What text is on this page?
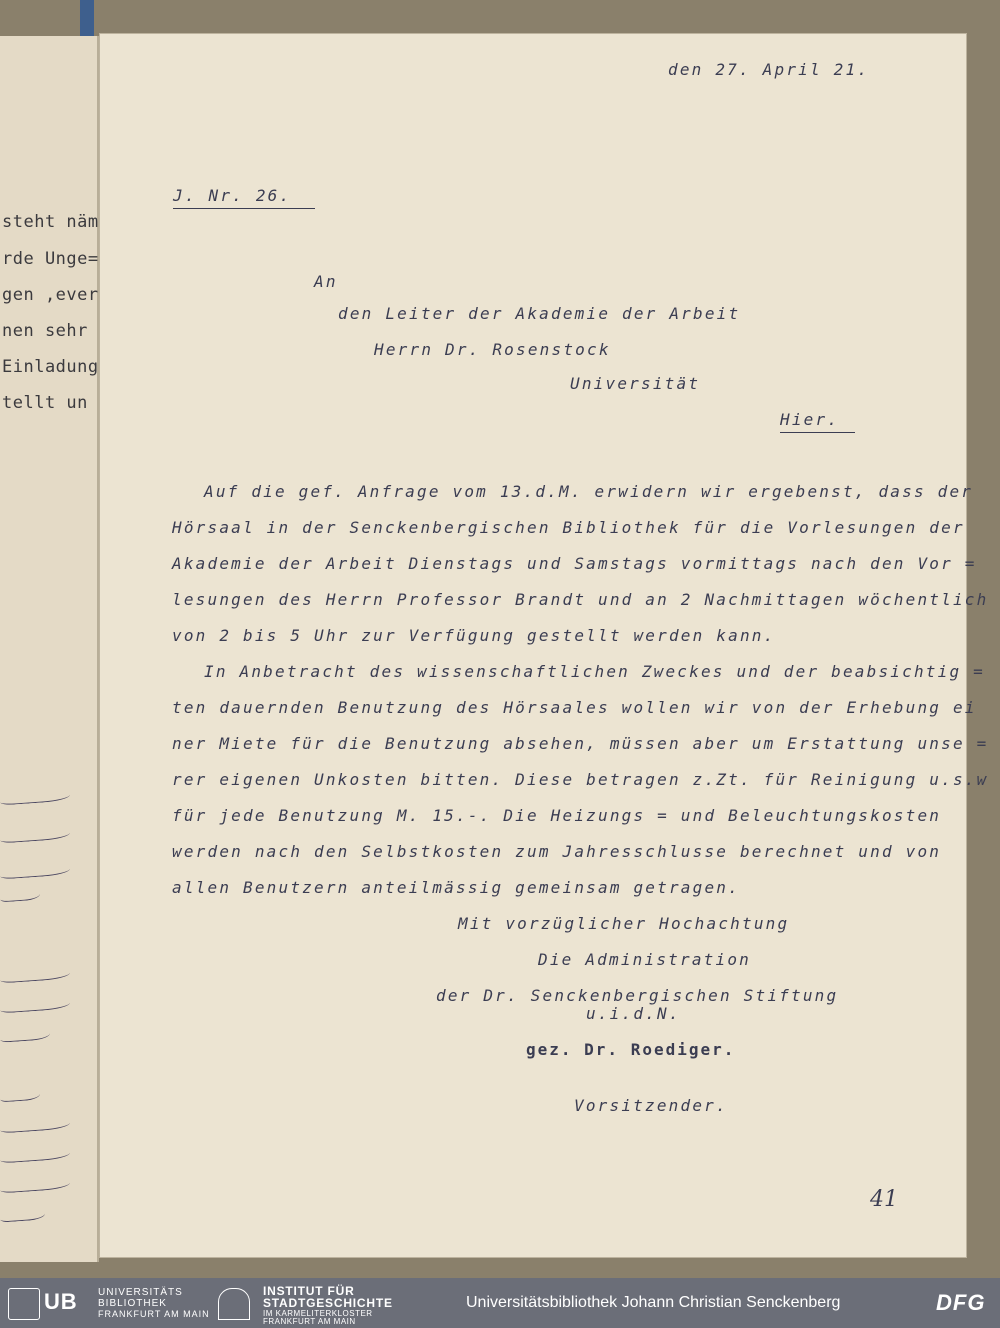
steht näm
rde Unge=
gen ,ever
nen sehr
Einladung
tellt un
den 27. April 21.
J. Nr. 26.
An
den Leiter der Akademie der Arbeit
Herrn Dr. Rosenstock
Universität
Hier.
Auf die gef. Anfrage vom 13.d.M. erwidern wir ergebenst, dass der
Hörsaal in der Senckenbergischen Bibliothek für die Vorlesungen der
Akademie der Arbeit Dienstags und Samstags vormittags nach den Vor =
lesungen des Herrn Professor Brandt und an 2 Nachmittagen wöchentlich
von 2 bis 5 Uhr zur Verfügung gestellt werden kann.
In Anbetracht des wissenschaftlichen Zweckes und der beabsichtig =
ten dauernden Benutzung des Hörsaales wollen wir von der Erhebung ei
ner Miete für die Benutzung absehen, müssen aber um Erstattung unse =
rer eigenen Unkosten bitten. Diese betragen z.Zt. für Reinigung u.s.w
für jede Benutzung M. 15.-. Die Heizungs = und Beleuchtungskosten
werden nach den Selbstkosten zum Jahresschlusse berechnet und von
allen Benutzern anteilmässig gemeinsam getragen.
Mit vorzüglicher Hochachtung
Die Administration
der Dr. Senckenbergischen Stiftung
u.i.d.N.
gez. Dr. Roediger.
Vorsitzender.
41
UB UNIVERSITÄTS
BIBLIOTHEK
FRANKFURT AM MAIN
INSTITUT FÜR
STADTGESCHICHTE
IM KARMELITERKLOSTER
FRANKFURT AM MAIN
Universitätsbibliothek Johann Christian Senckenberg	DFG
